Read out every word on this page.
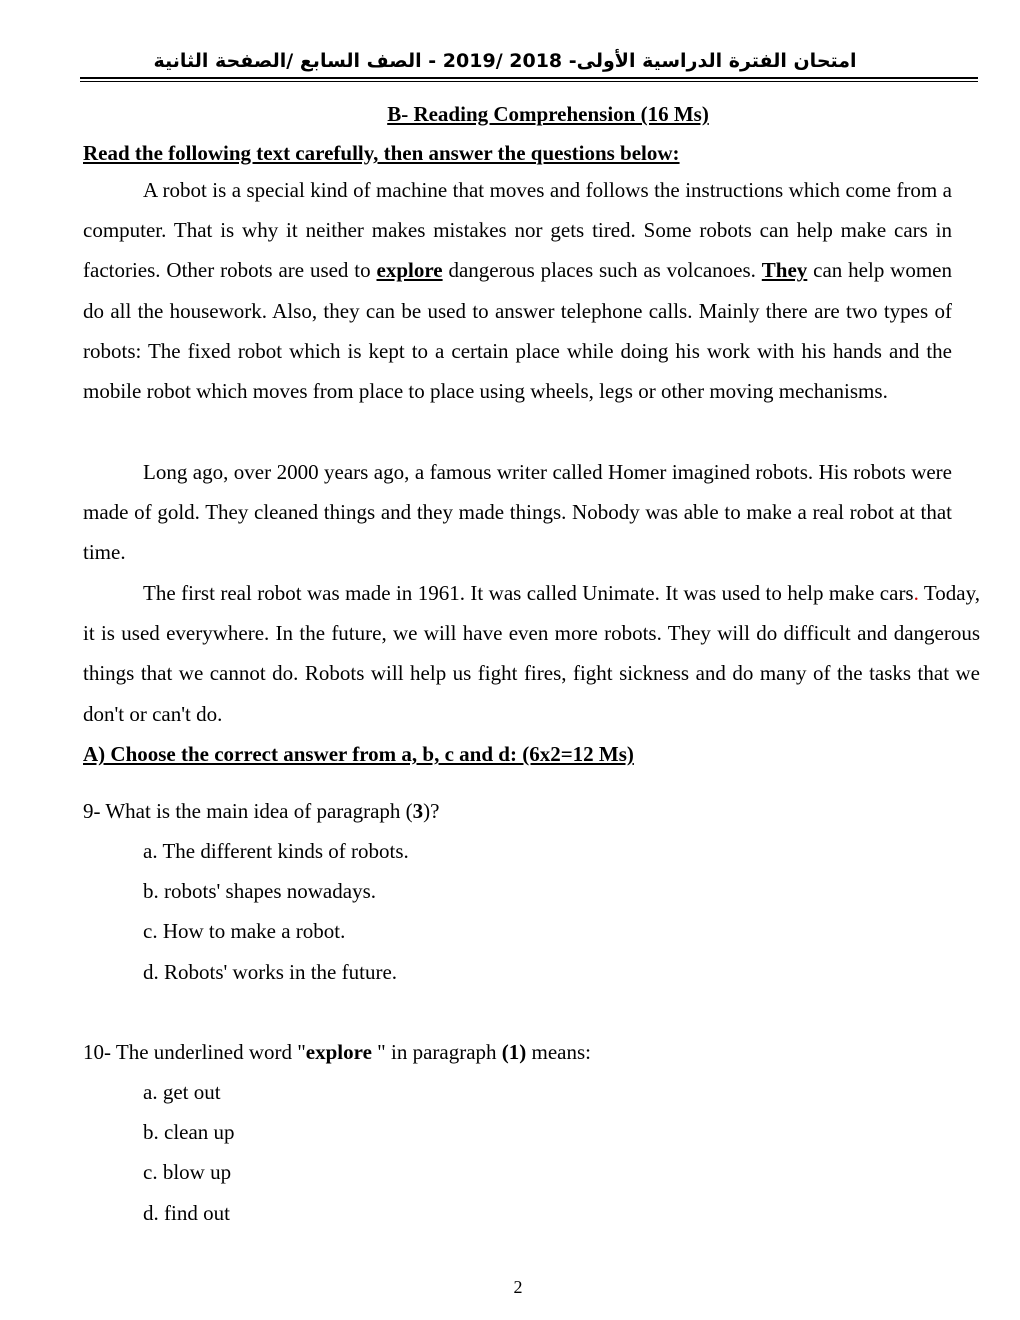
امتحان الفترة الدراسية الأولى- 2018 /2019 - الصف السابع /الصفحة الثانية
B- Reading Comprehension (16 Ms)
Read the following text carefully, then answer the questions below:
A robot is a special kind of machine that moves and follows the instructions which come from a computer. That is why it neither makes mistakes nor gets tired. Some robots can help make cars in factories. Other robots are used to explore dangerous places such as volcanoes. They can help women do all the housework. Also, they can be used to answer telephone calls. Mainly there are two types of robots: The fixed robot which is kept to a certain place while doing his work with his hands and the mobile robot which moves from place to place using wheels, legs or other moving mechanisms.
Long ago, over 2000 years ago, a famous writer called Homer imagined robots. His robots were made of gold. They cleaned things and they made things. Nobody was able to make a real robot at that time.
The first real robot was made in 1961. It was called Unimate. It was used to help make cars. Today, it is used everywhere. In the future, we will have even more robots. They will do difficult and dangerous things that we cannot do. Robots will help us fight fires, fight sickness and do many of the tasks that we don't or can't do.
A) Choose the correct answer from a, b, c and d: (6x2=12 Ms)
9- What is the main idea of paragraph (3)?
a. The different kinds of robots.
b. robots' shapes nowadays.
c. How to make a robot.
d. Robots' works in the future.
10- The underlined word "explore " in paragraph (1) means:
a. get out
b. clean up
c. blow up
d. find out
2
